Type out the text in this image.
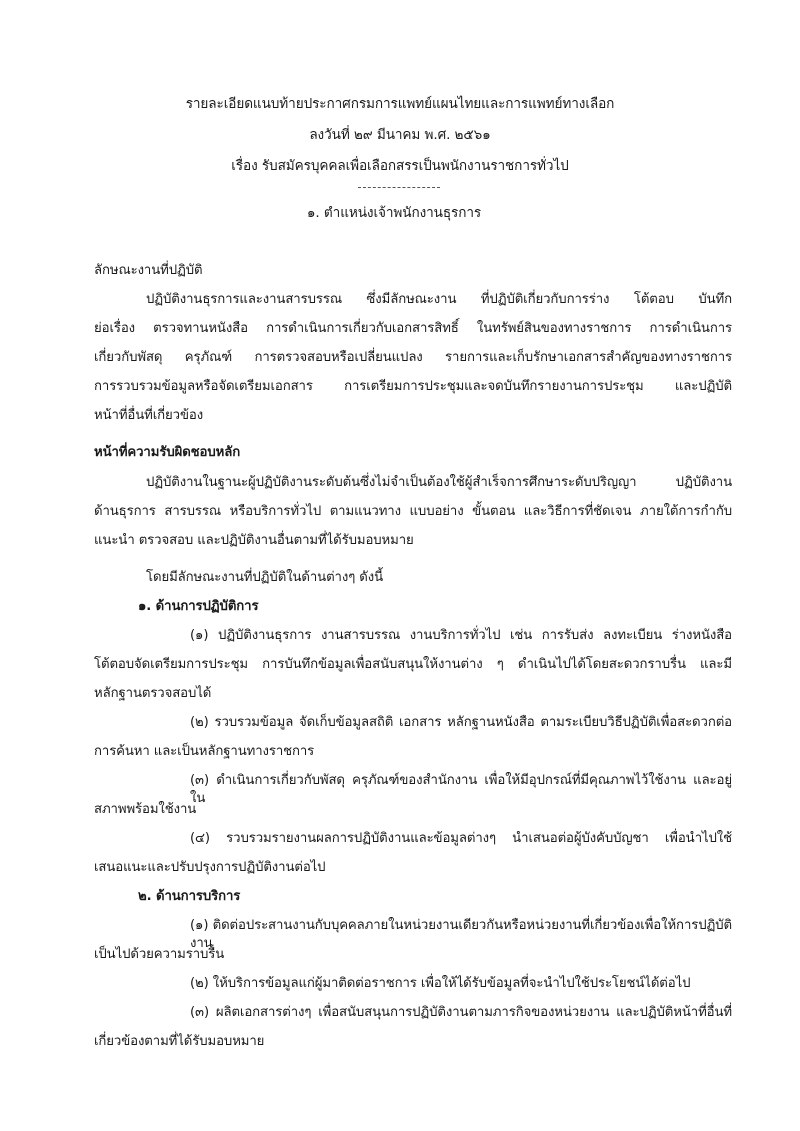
รายละเอียดแนบท้ายประกาศกรมการแพทย์แผนไทยและการแพทย์ทางเลือก
ลงวันที่ ๒๙ มีนาคม พ.ศ. ๒๕๖๑
เรื่อง รับสมัครบุคคลเพื่อเลือกสรรเป็นพนักงานราชการทั่วไป
๑. ตำแหน่งเจ้าพนักงานธุรการ
ลักษณะงานที่ปฏิบัติ
ปฏิบัติงานธุรการและงานสารบรรณ ซึ่งมีลักษณะงาน ที่ปฏิบัติเกี่ยวกับการร่าง โต้ตอบ บันทึก
ย่อเรื่อง ตรวจทานหนังสือ การดำเนินการเกี่ยวกับเอกสารสิทธิ์ ในทรัพย์สินของทางราชการ การดำเนินการ
เกี่ยวกับพัสดุ ครุภัณฑ์ การตรวจสอบหรือเปลี่ยนแปลง รายการและเก็บรักษาเอกสารสำคัญของทางราชการ
การรวบรวมข้อมูลหรือจัดเตรียมเอกสาร การเตรียมการประชุมและจดบันทึกรายงานการประชุม และปฏิบัติ
หน้าที่อื่นที่เกี่ยวข้อง
หน้าที่ความรับผิดชอบหลัก
ปฏิบัติงานในฐานะผู้ปฏิบัติงานระดับต้นซึ่งไม่จำเป็นต้องใช้ผู้สำเร็จการศึกษาระดับปริญญา ปฏิบัติงาน
ด้านธุรการ สารบรรณ หรือบริการทั่วไป ตามแนวทาง แบบอย่าง ขั้นตอน และวิธีการที่ชัดเจน ภายใต้การกำกับ
แนะนำ ตรวจสอบ และปฏิบัติงานอื่นตามที่ได้รับมอบหมาย
โดยมีลักษณะงานที่ปฏิบัติในด้านต่างๆ ดังนี้
๑. ด้านการปฏิบัติการ
(๑) ปฏิบัติงานธุรการ งานสารบรรณ งานบริการทั่วไป เช่น การรับส่ง ลงทะเบียน ร่างหนังสือ
โต้ตอบจัดเตรียมการประชุม การบันทึกข้อมูลเพื่อสนับสนุนให้งานต่าง ๆ ดำเนินไปได้โดยสะดวกราบรื่น และมี
หลักฐานตรวจสอบได้
(๒) รวบรวมข้อมูล จัดเก็บข้อมูลสถิติ เอกสาร หลักฐานหนังสือ ตามระเบียบวิธีปฏิบัติเพื่อสะดวกต่อ
การค้นหา และเป็นหลักฐานทางราชการ
(๓) ดำเนินการเกี่ยวกับพัสดุ ครุภัณฑ์ของสำนักงาน เพื่อให้มีอุปกรณ์ที่มีคุณภาพไว้ใช้งาน และอยู่ใน
สภาพพร้อมใช้งาน
(๔) รวบรวมรายงานผลการปฏิบัติงานและข้อมูลต่างๆ นำเสนอต่อผู้บังคับบัญชา เพื่อนำไปใช้
เสนอแนะและปรับปรุงการปฏิบัติงานต่อไป
๒. ด้านการบริการ
(๑) ติดต่อประสานงานกับบุคคลภายในหน่วยงานเดียวกันหรือหน่วยงานที่เกี่ยวข้องเพื่อให้การปฏิบัติงาน
เป็นไปด้วยความราบรื่น
(๒) ให้บริการข้อมูลแก่ผู้มาติดต่อราชการ เพื่อให้ได้รับข้อมูลที่จะนำไปใช้ประโยชน์ได้ต่อไป
(๓) ผลิตเอกสารต่างๆ เพื่อสนับสนุนการปฏิบัติงานตามภารกิจของหน่วยงาน และปฏิบัติหน้าที่อื่นที่
เกี่ยวข้องตามที่ได้รับมอบหมาย
